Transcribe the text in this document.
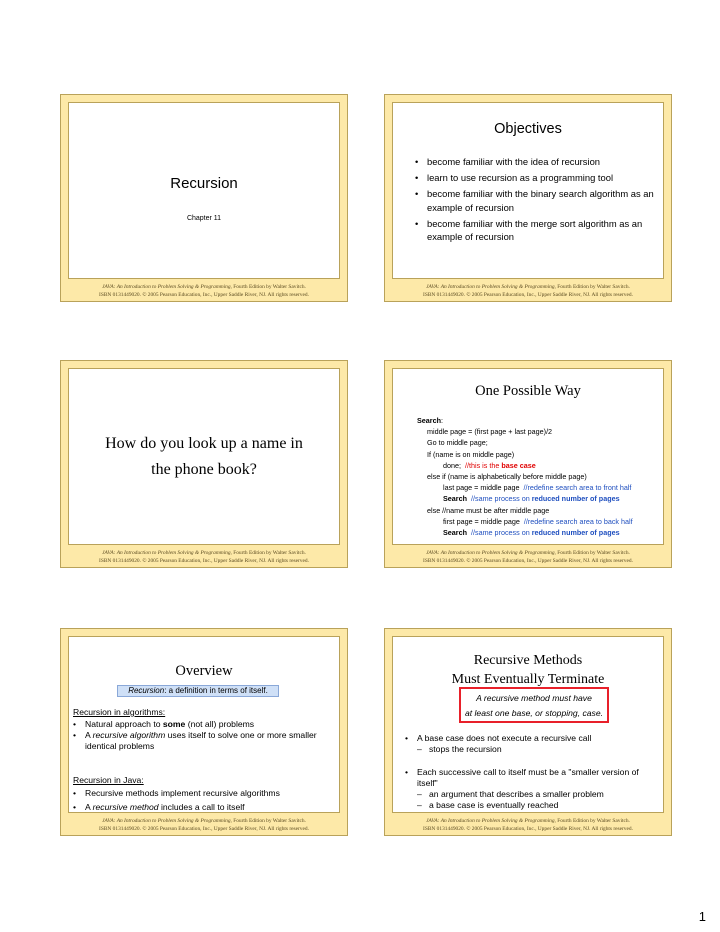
Recursion
Chapter 11
JAVA: An Introduction to Problem Solving & Programming, Fourth Edition by Walter Savitch.
ISBN 0131449020. © 2005 Pearson Education, Inc., Upper Saddle River, NJ. All rights reserved.
Objectives
• become familiar with the idea of recursion
• learn to use recursion as a programming tool
• become familiar with the binary search algorithm as an example of recursion
• become familiar with the merge sort algorithm as an example of recursion
JAVA: An Introduction to Problem Solving & Programming, Fourth Edition by Walter Savitch.
ISBN 0131449020. © 2005 Pearson Education, Inc., Upper Saddle River, NJ. All rights reserved.
How do you look up a name in
the phone book?
JAVA: An Introduction to Problem Solving & Programming, Fourth Edition by Walter Savitch.
ISBN 0131449020. © 2005 Pearson Education, Inc., Upper Saddle River, NJ. All rights reserved.
One Possible Way
Search:
middle page = (first page + last page)/2
Go to middle page;
If (name is on middle page)
done; //this is the base case
else if (name is alphabetically before middle page)
last page = middle page //redefine search area to front half
Search //same process on reduced number of pages
else //name must be after middle page
first page = middle page //redefine search area to back half
Search //same process on reduced number of pages
JAVA: An Introduction to Problem Solving & Programming, Fourth Edition by Walter Savitch.
ISBN 0131449020. © 2005 Pearson Education, Inc., Upper Saddle River, NJ. All rights reserved.
Overview
Recursion: a definition in terms of itself.
Recursion in algorithms:
• Natural approach to some (not all) problems
• A recursive algorithm uses itself to solve one or more smaller identical problems
Recursion in Java:
• Recursive methods implement recursive algorithms
• A recursive method includes a call to itself
JAVA: An Introduction to Problem Solving & Programming, Fourth Edition by Walter Savitch.
ISBN 0131449020. © 2005 Pearson Education, Inc., Upper Saddle River, NJ. All rights reserved.
Recursive Methods
Must Eventually Terminate
A recursive method must have
at least one base, or stopping, case.
• A base case does not execute a recursive call
– stops the recursion
• Each successive call to itself must be a "smaller version of itself"
– an argument that describes a smaller problem
– a base case is eventually reached
JAVA: An Introduction to Problem Solving & Programming, Fourth Edition by Walter Savitch.
ISBN 0131449020. © 2005 Pearson Education, Inc., Upper Saddle River, NJ. All rights reserved.
1
